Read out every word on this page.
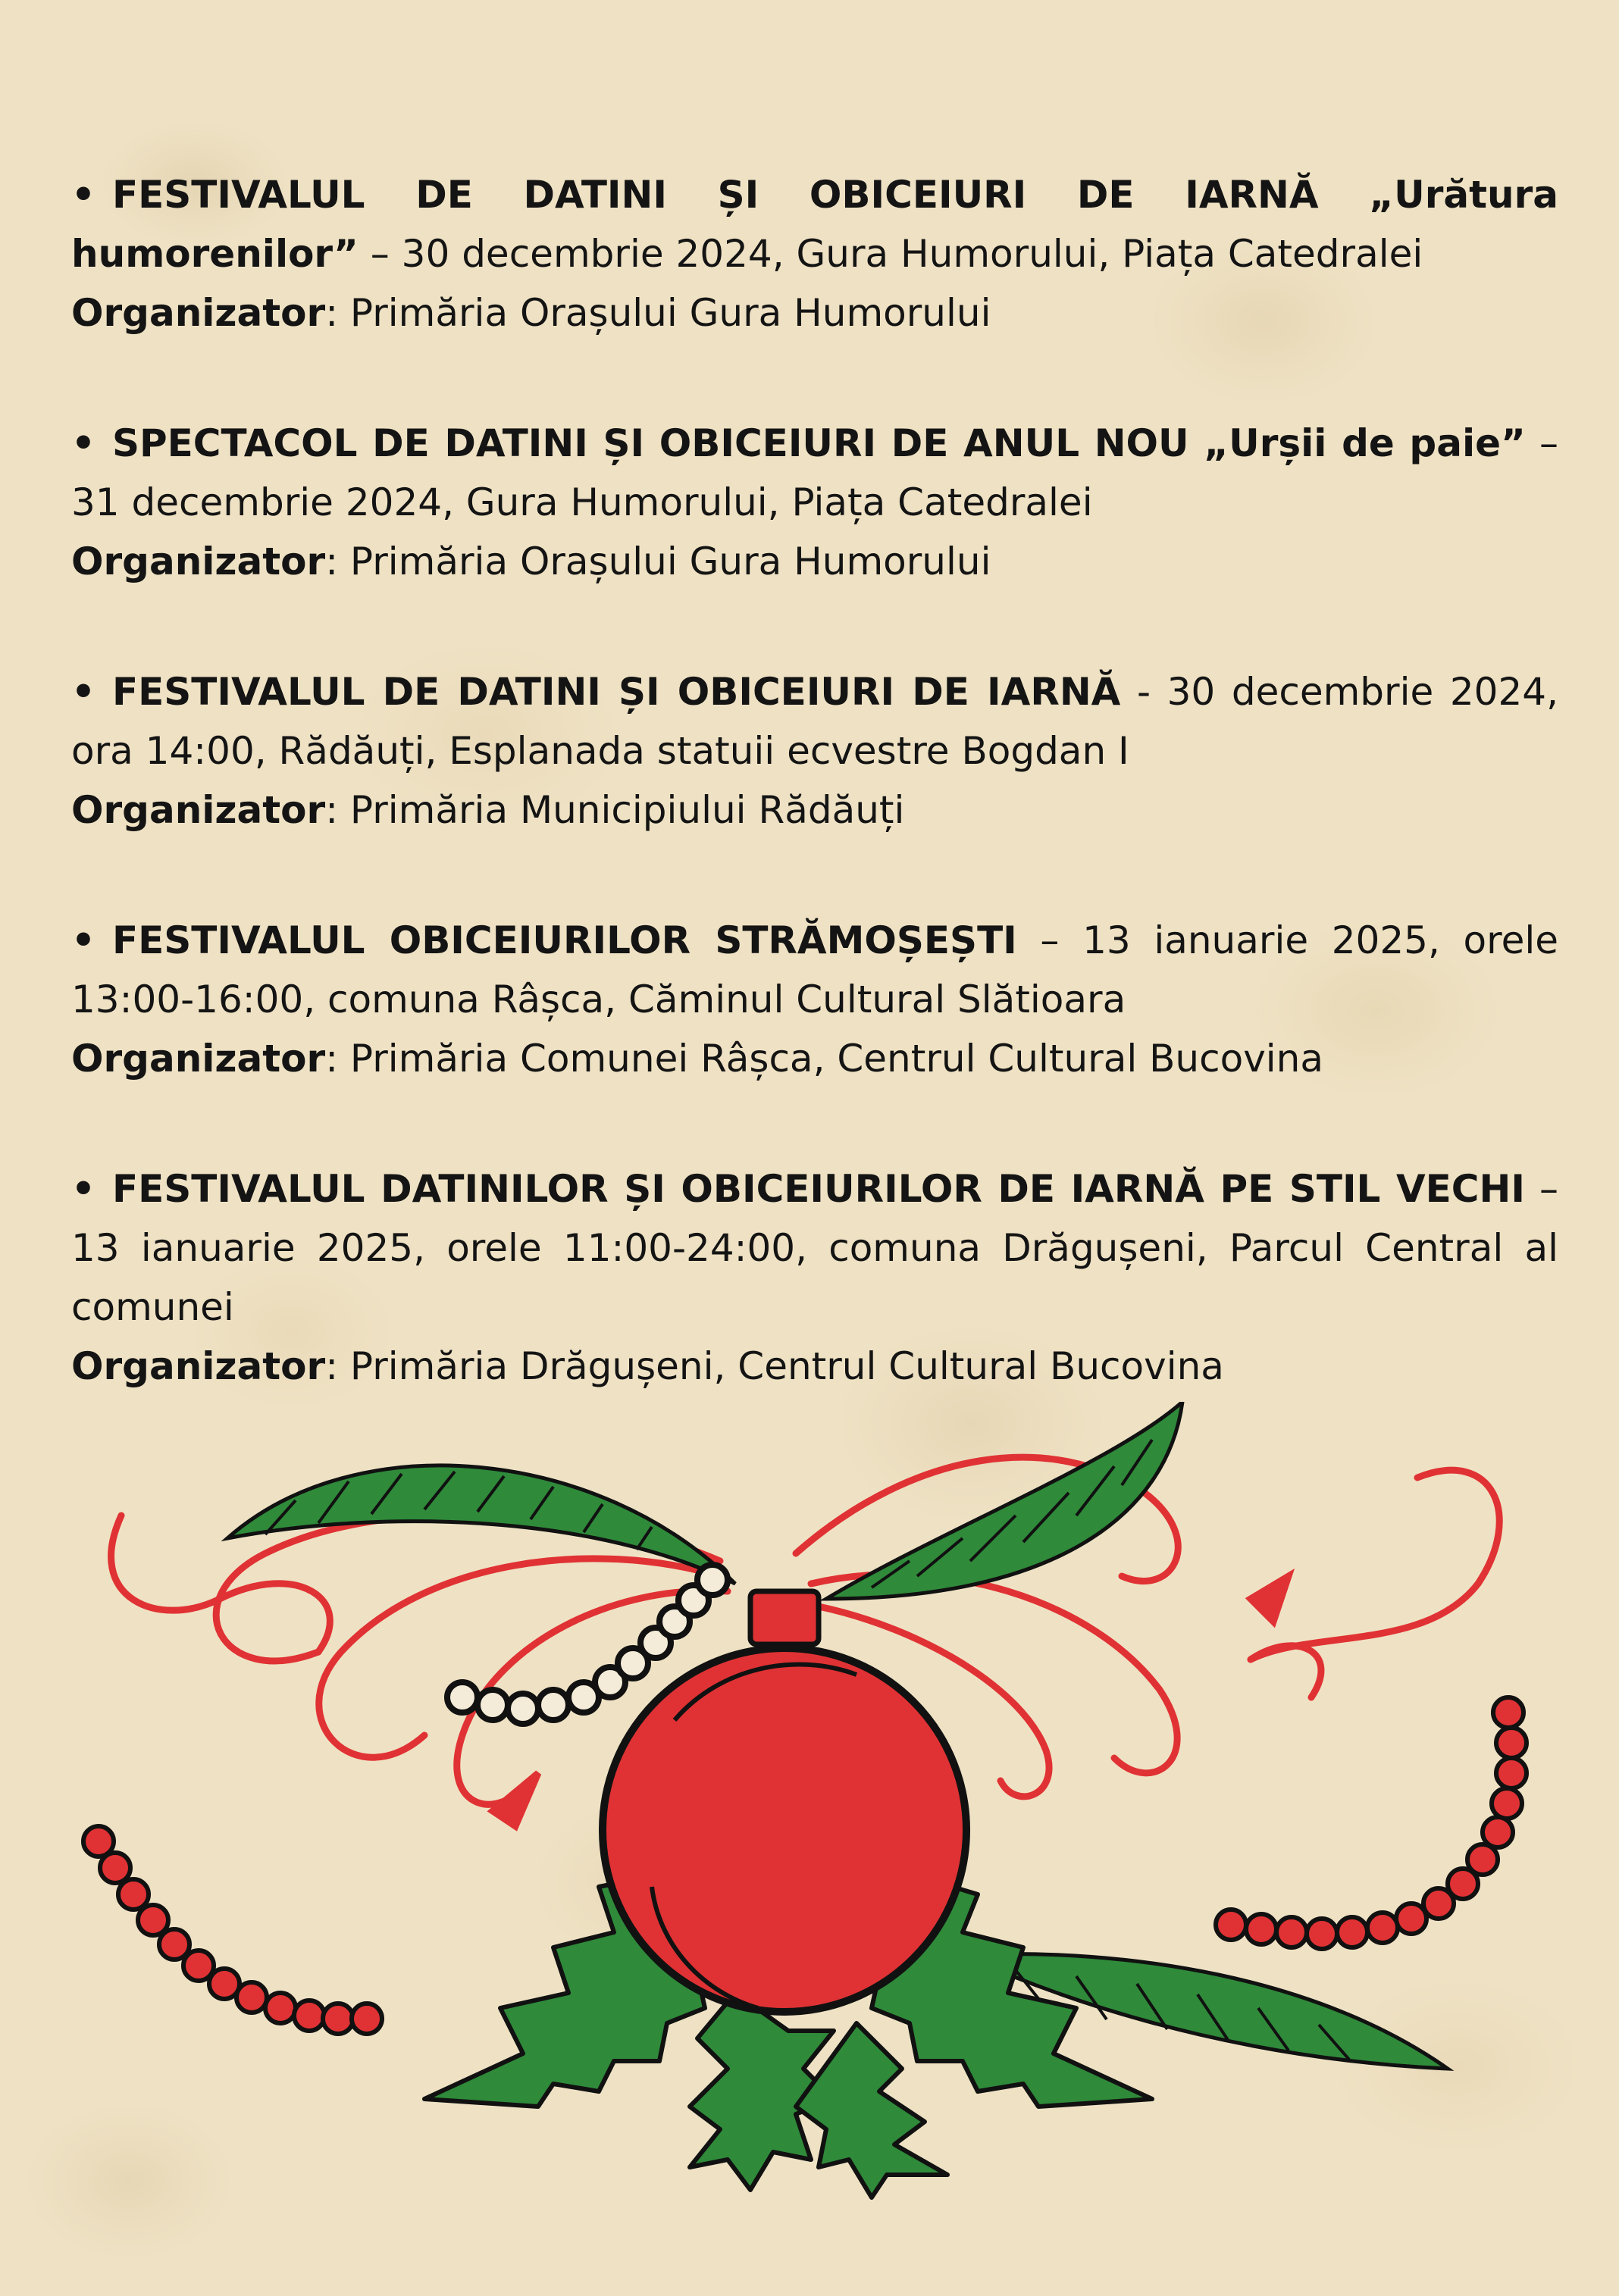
• FESTIVALUL DE DATINI ȘI OBICEIURI DE IARNĂ „Urătura humorenilor” – 30 decembrie 2024, Gura Humorului, Piața Catedralei
Organizator: Primăria Orașului Gura Humorului
• SPECTACOL DE DATINI ȘI OBICEIURI DE ANUL NOU „Urșii de paie” – 31 decembrie 2024, Gura Humorului, Piața Catedralei
Organizator: Primăria Orașului Gura Humorului
• FESTIVALUL DE DATINI ȘI OBICEIURI DE IARNĂ - 30 decembrie 2024, ora 14:00, Rădăuți, Esplanada statuii ecvestre Bogdan I
Organizator: Primăria Municipiului Rădăuți
• FESTIVALUL OBICEIURILOR STRĂMOȘEȘTI – 13 ianuarie 2025, orele 13:00-16:00, comuna Râșca, Căminul Cultural Slătioara
Organizator: Primăria Comunei Râșca, Centrul Cultural Bucovina
• FESTIVALUL DATINILOR ȘI OBICEIURILOR DE IARNĂ PE STIL VECHI – 13 ianuarie 2025, orele 11:00-24:00, comuna Drăgușeni, Parcul Central al comunei
Organizator: Primăria Drăgușeni, Centrul Cultural Bucovina
